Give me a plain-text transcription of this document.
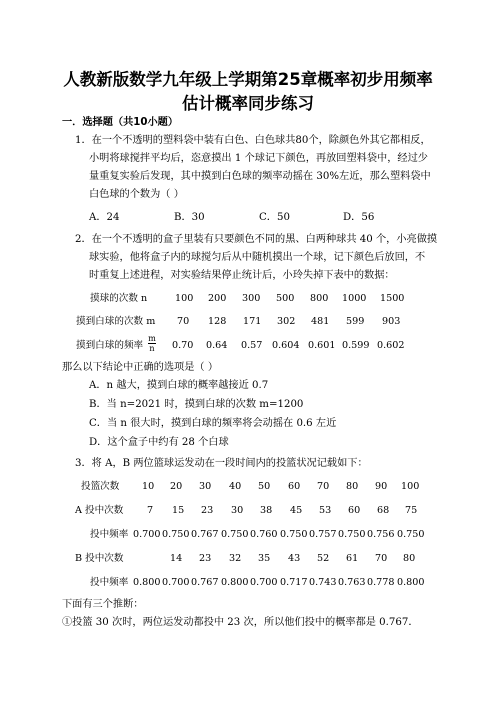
人教新版数学九年级上学期第25章概率初步用频率
估计概率同步练习
一．选择题（共10小题）
1．在一个不透明的塑料袋中装有白色、白色球共80个，除颜色外其它都相反，
小明将球搅拌平均后，恣意摸出 1 个球记下颜色，再放回塑料袋中，经过少
量重复实验后发现，其中摸到白色球的频率动摇在 30%左近，那么塑料袋中
白色球的个数为（ ）
A．24	B．30	C．50	D．56
2．在一个不透明的盒子里装有只要颜色不同的黑、白两种球共 40 个，小亮做摸
球实验，他将盒子内的球搅匀后从中随机摸出一个球，记下颜色后放回，不
时重复上述进程，对实验结果停止统计后，小玲失掉下表中的数据：
摸球的次数 n	100 200 300 500 800 1000 1500
摸到白球的次数 m 70 128 171 302 481 599 903
摸到白球的频率
m
n 0.70 0.64 0.57 0.604 0.601 0.599 0.602
那么以下结论中正确的选项是（ ）
A．n 越大，摸到白球的概率越接近 0.7
B．当 n=2021 时，摸到白球的次数 m=1200
C．当 n 很大时，摸到白球的频率将会动摇在 0.6 左近
D．这个盒子中约有 28 个白球
3．将 A，B 两位篮球运发动在一段时间内的投篮状况记载如下：
投篮次数 10 20 30 40 50 60 70 80 90 100
A 投中次数 7 15 23 30 38 45 53 60 68 75
投中频率 0.700 0.750 0.767 0.750 0.760 0.750 0.757 0.750 0.756 0.750
B 投中次数	14 23 32 35 43 52 61 70 80
投中频率 0.800 0.700 0.767 0.800 0.700 0.717 0.743 0.763 0.778 0.800
下面有三个推断：
①投篮 30 次时，两位运发动都投中 23 次，所以他们投中的概率都是 0.767．
